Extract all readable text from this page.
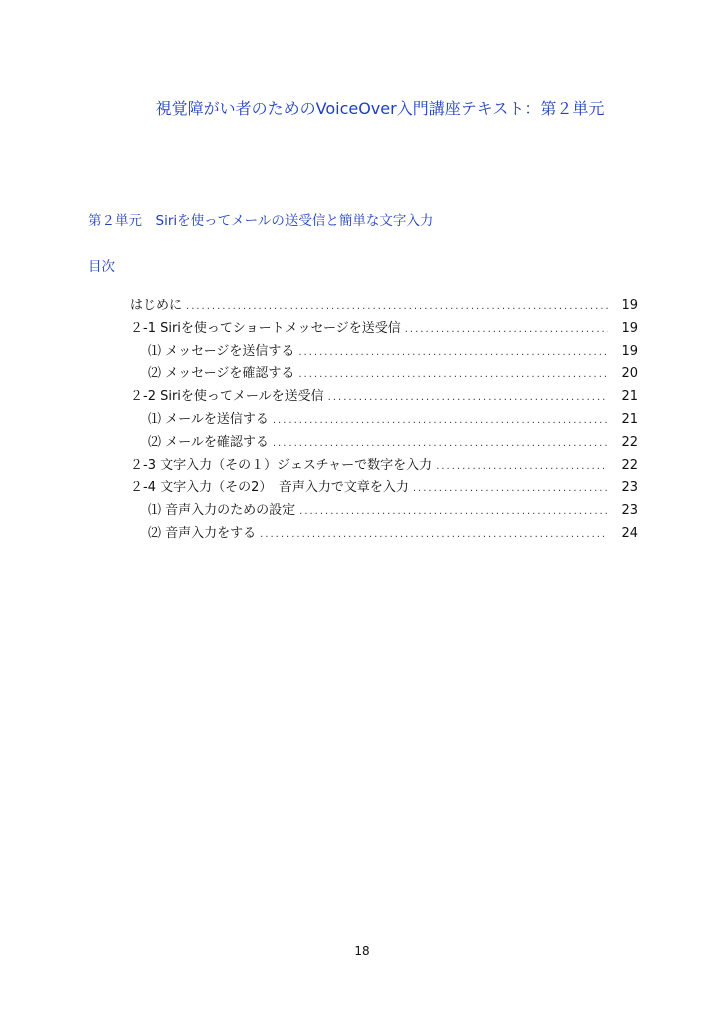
視覚障がい者のためのVoiceOver入門講座テキスト：第２単元
第２単元　Siriを使ってメールの送受信と簡単な文字入力
目次
はじめに .....	19
２-1 Siriを使ってショートメッセージを送受信 .....	19
⑴ メッセージを送信する .....	19
⑵ メッセージを確認する .....	20
２-2 Siriを使ってメールを送受信 .....	21
⑴ メールを送信する .....	21
⑵ メールを確認する .....	22
２-3 文字入力（その１）ジェスチャーで数字を入力 .....	22
２-4 文字入力（その2）　音声入力で文章を入力 .....	23
⑴ 音声入力のための設定 .....	23
⑵ 音声入力をする .....	24
18
